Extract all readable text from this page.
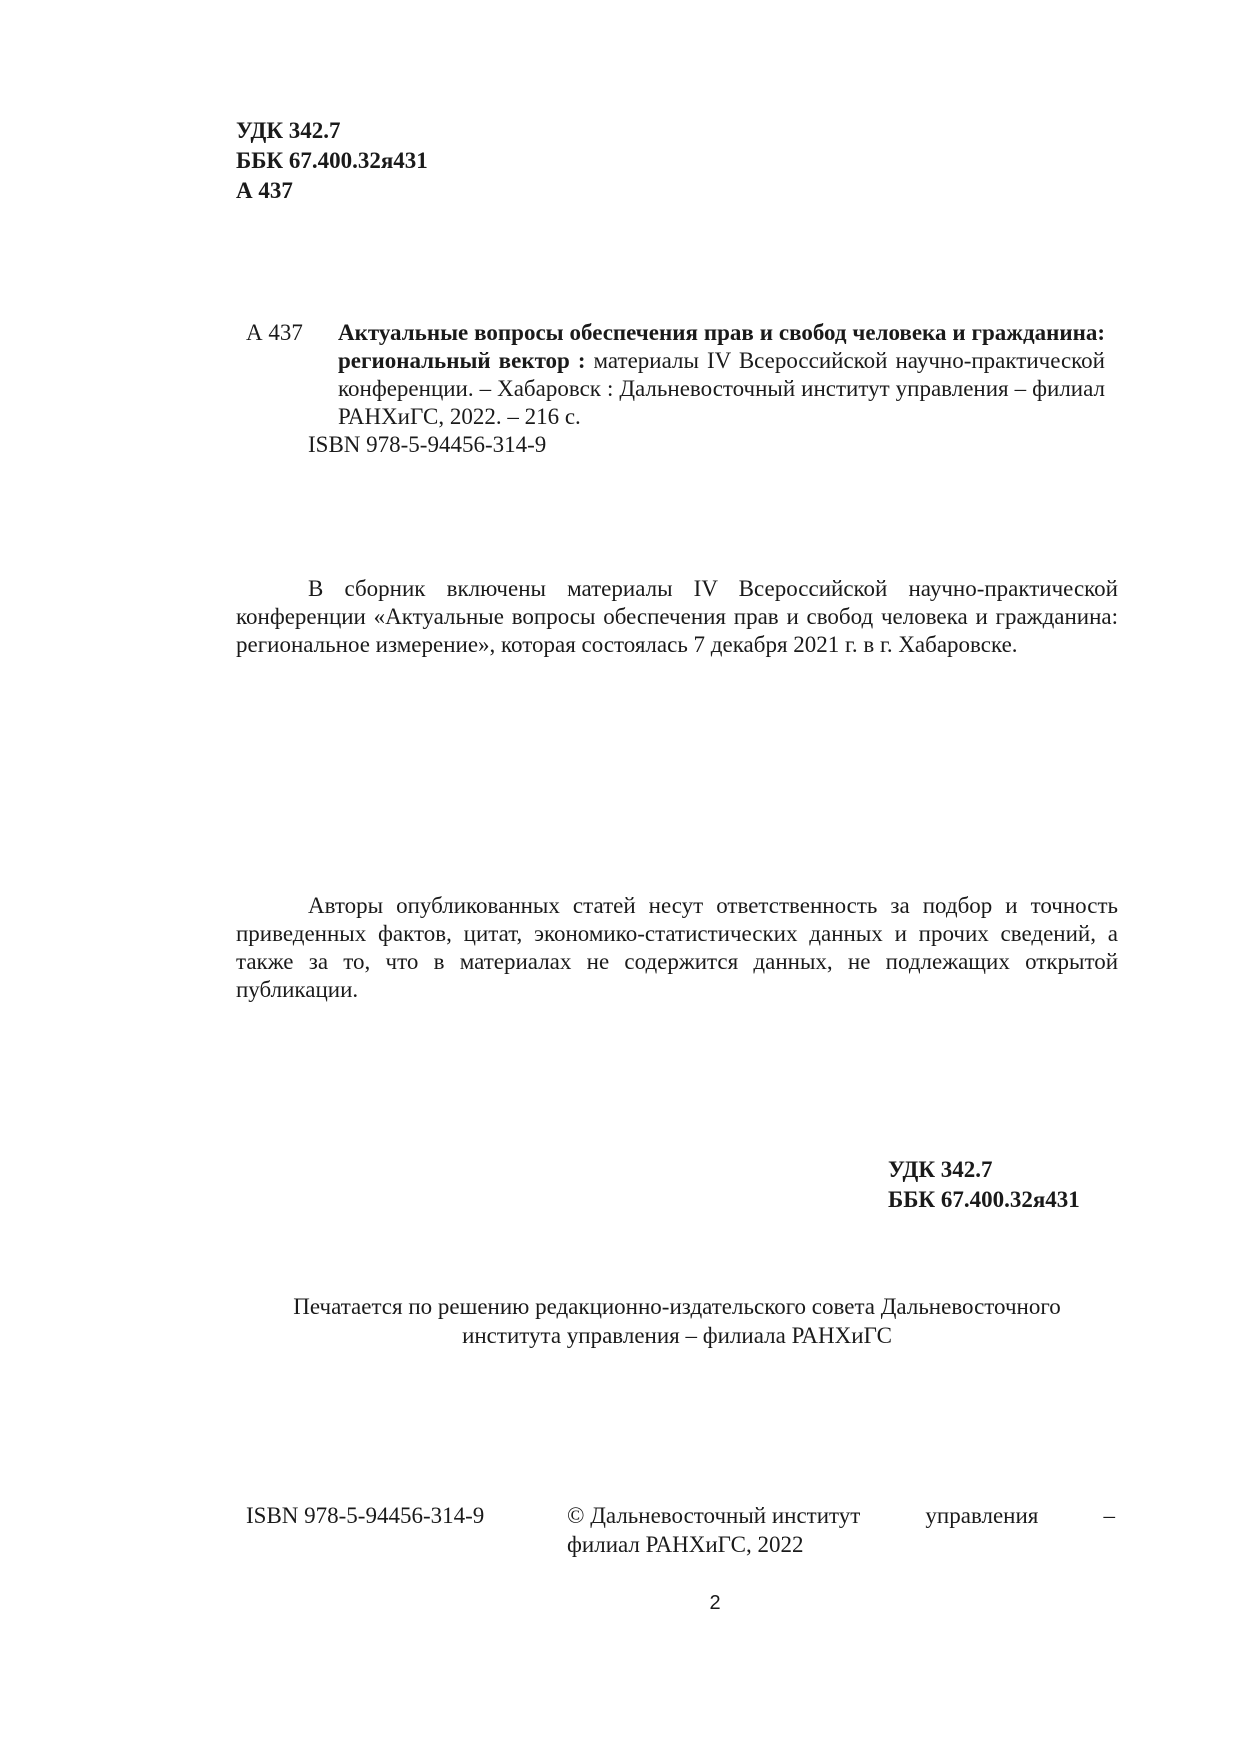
УДК 342.7
ББК 67.400.32я431
А 437
А 437 Актуальные вопросы обеспечения прав и свобод человека и гражданина: региональный вектор : материалы IV Всероссийской научно-практической конференции. – Хабаровск : Дальневосточный институт управления – филиал РАНХиГС, 2022. – 216 с.
ISBN 978-5-94456-314-9
В сборник включены материалы IV Всероссийской научно-практической конференции «Актуальные вопросы обеспечения прав и свобод человека и гражданина: региональное измерение», которая состоялась 7 декабря 2021 г. в г. Хабаровске.
Авторы опубликованных статей несут ответственность за подбор и точность приведенных фактов, цитат, экономико-статистических данных и прочих сведений, а также за то, что в материалах не содержится данных, не подлежащих открытой публикации.
УДК 342.7
ББК 67.400.32я431
Печатается по решению редакционно-издательского совета Дальневосточного
института управления – филиала РАНХиГС
ISBN 978-5-94456-314-9	© Дальневосточный институт	управления	–
филиал РАНХиГС, 2022
2
